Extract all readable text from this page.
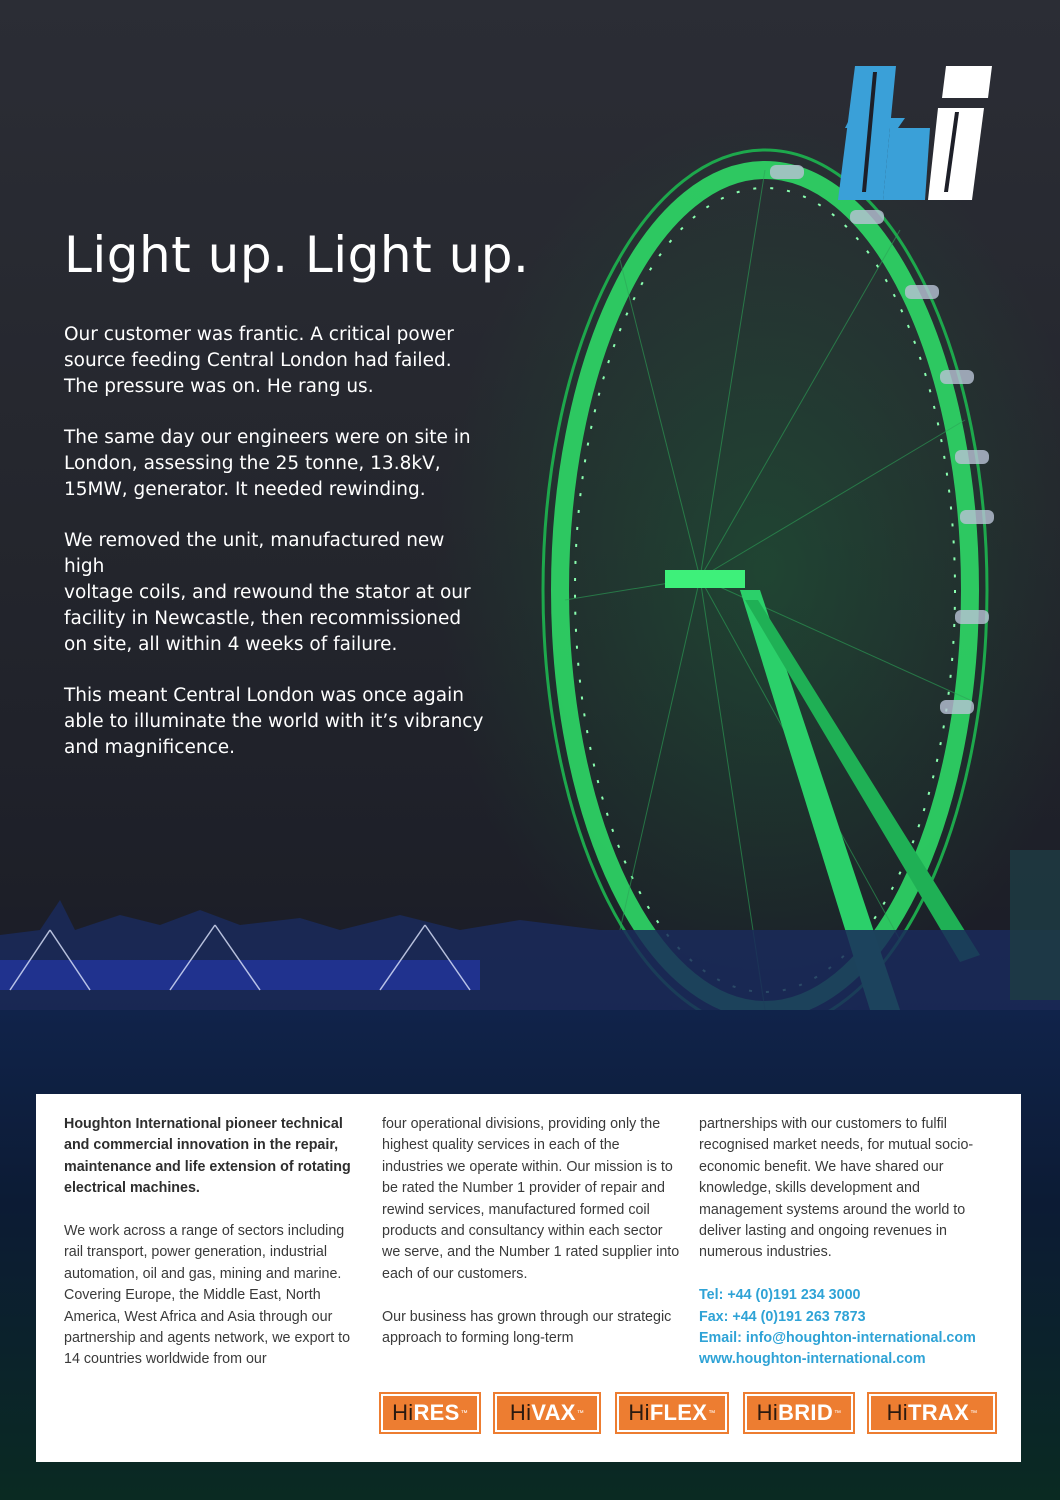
Light up. Light up.

Our customer was frantic. A critical power
source feeding Central London had failed.
The pressure was on. He rang us.

The same day our engineers were on site in
London, assessing the 25 tonne, 13.8kV,
15MW, generator. It needed rewinding.

We removed the unit, manufactured new high
voltage coils, and rewound the stator at our
facility in Newcastle, then recommissioned
on site, all within 4 weeks of failure.

This meant Central London was once again
able to illuminate the world with it’s vibrancy
and magnificence.

Houghton International pioneer technical and commercial innovation in the repair, maintenance and life extension of rotating electrical machines.

We work across a range of sectors including rail transport, power generation, industrial automation, oil and gas, mining and marine. Covering Europe, the Middle East, North America, West Africa and Asia through our partnership and agents network, we export to 14 countries worldwide from our

four operational divisions, providing only the highest quality services in each of the industries we operate within. Our mission is to be rated the Number 1 provider of repair and rewind services, manufactured formed coil products and consultancy within each sector we serve, and the Number 1 rated supplier into each of our customers.

Our business has grown through our strategic approach to forming long-term

partnerships with our customers to fulfil recognised market needs, for mutual socio-economic benefit. We have shared our knowledge, skills development and management systems around the world to deliver lasting and ongoing revenues in numerous industries.

Tel: +44 (0)191 234 3000
Fax: +44 (0)191 263 7873
Email: info@houghton-international.com
www.houghton-international.com
Hi RES ™ Hi VAX ™ Hi FLEX ™ Hi BRID ™ Hi TRAX ™
